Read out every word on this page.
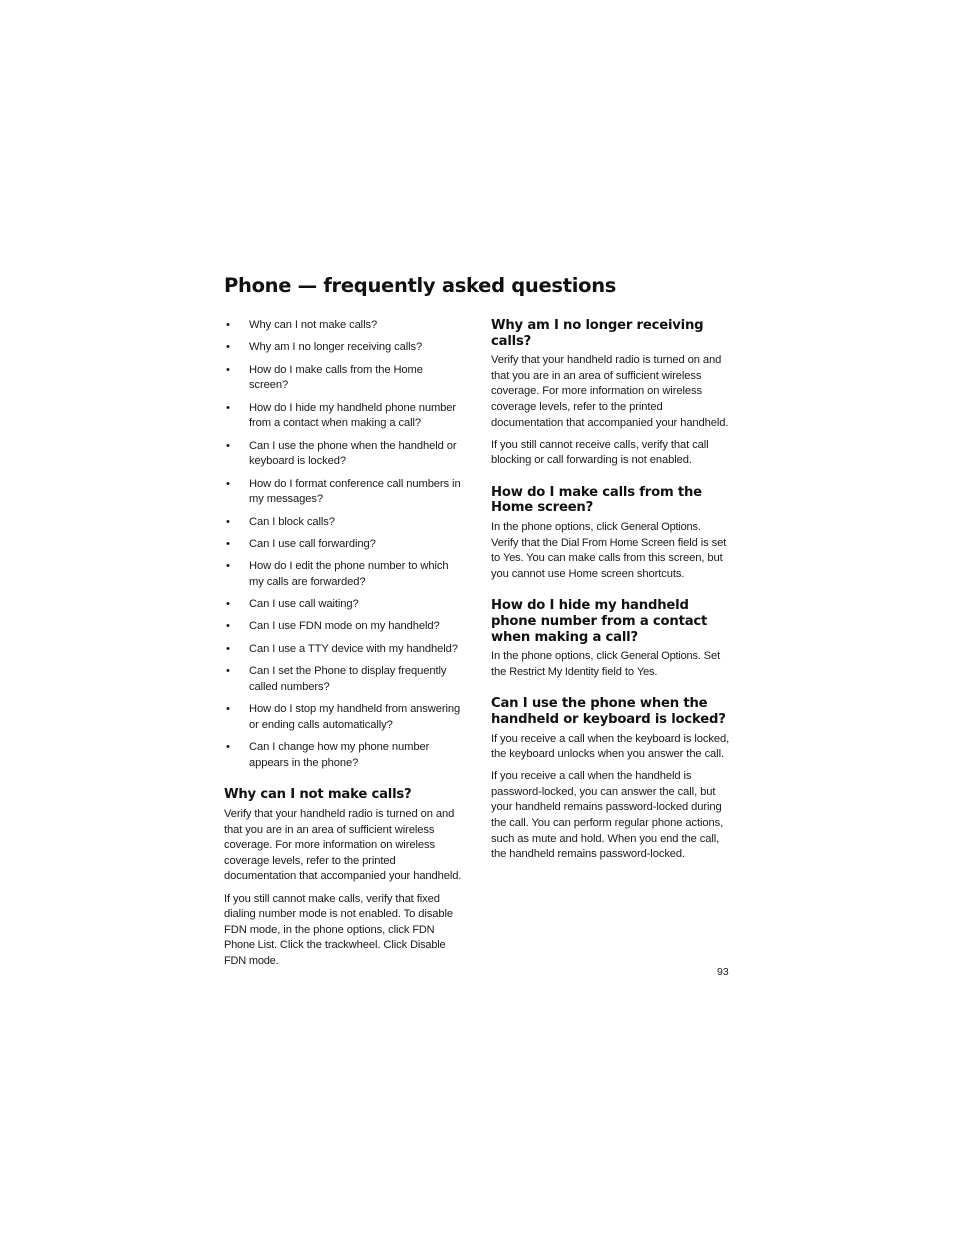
Phone — frequently asked questions
• Why can I not make calls?
• Why am I no longer receiving calls?
• How do I make calls from the Home screen?
• How do I hide my handheld phone number from a contact when making a call?
• Can I use the phone when the handheld or keyboard is locked?
• How do I format conference call numbers in my messages?
• Can I block calls?
• Can I use call forwarding?
• How do I edit the phone number to which my calls are forwarded?
• Can I use call waiting?
• Can I use FDN mode on my handheld?
• Can I use a TTY device with my handheld?
• Can I set the Phone to display frequently called numbers?
• How do I stop my handheld from answering or ending calls automatically?
• Can I change how my phone number appears in the phone?
Why can I not make calls?

Verify that your handheld radio is turned on and that you are in an area of sufficient wireless coverage. For more information on wireless coverage levels, refer to the printed documentation that accompanied your handheld.

If you still cannot make calls, verify that fixed dialing number mode is not enabled. To disable FDN mode, in the phone options, click FDN Phone List. Click the trackwheel. Click Disable FDN mode.

Why am I no longer receiving calls?

Verify that your handheld radio is turned on and that you are in an area of sufficient wireless coverage. For more information on wireless coverage levels, refer to the printed documentation that accompanied your handheld.

If you still cannot receive calls, verify that call blocking or call forwarding is not enabled.

How do I make calls from the Home screen?

In the phone options, click General Options. Verify that the Dial From Home Screen field is set to Yes. You can make calls from this screen, but you cannot use Home screen shortcuts.

How do I hide my handheld phone number from a contact when making a call?

In the phone options, click General Options. Set the Restrict My Identity field to Yes.

Can I use the phone when the handheld or keyboard is locked?

If you receive a call when the keyboard is locked, the keyboard unlocks when you answer the call.

If you receive a call when the handheld is password-locked, you can answer the call, but your handheld remains password-locked during the call. You can perform regular phone actions, such as mute and hold. When you end the call, the handheld remains password-locked.

93
